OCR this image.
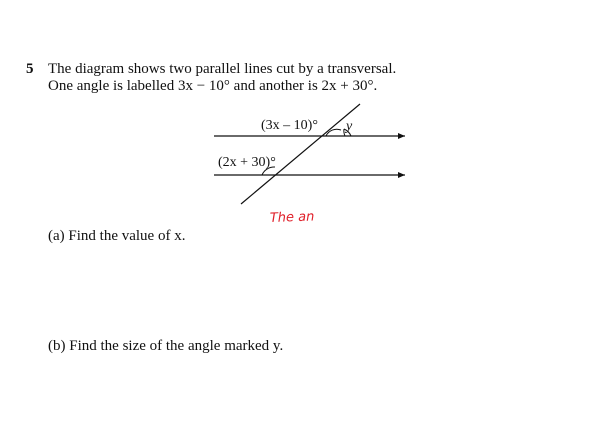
5 The diagram shows two parallel lines cut by a transversal.
One angle is labelled 3x − 10° and another is 2x + 30°.
(3x – 10)°
(2x + 30)°
y
The an
(a) Find the value of x.
(b) Find the size of the angle marked y.
